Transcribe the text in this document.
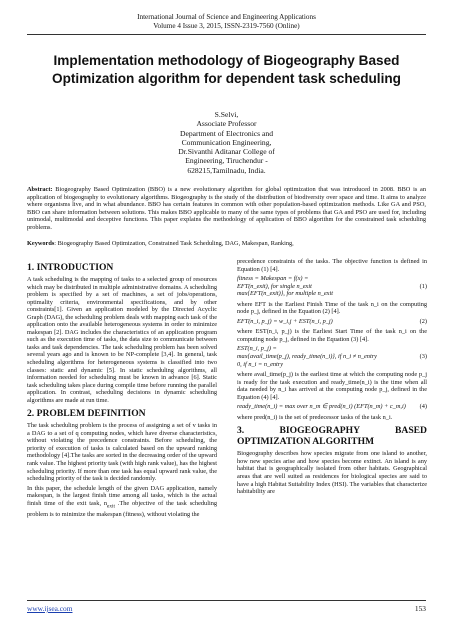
International Journal of Science and Engineering Applications
Volume 4 Issue 3, 2015, ISSN-2319-7560 (Online)
Implementation methodology of Biogeography Based Optimization algorithm for dependent task scheduling
S.Selvi,
Associate Professor
Department of Electronics and
Communication Engineering,
Dr.Sivanthi Aditanar College of
Engineering, Tiruchendur -
628215,Tamilnadu, India.
Abstract: Biogeography Based Optimization (BBO) is a new evolutionary algorithm for global optimization that was introduced in 2008. BBO is an application of biogeography to evolutionary algorithms. Biogeography is the study of the distribution of biodiversity over space and time. It aims to analyze where organisms live, and in what abundance. BBO has certain features in common with other population-based optimization methods. Like GA and PSO, BBO can share information between solutions. This makes BBO applicable to many of the same types of problems that GA and PSO are used for, including unimodal, multimodal and deceptive functions. This paper explains the methodology of application of BBO algorithm for the constrained task scheduling problems.
Keywords: Biogeography Based Optimization, Constrained Task Scheduling, DAG, Makespan, Ranking,
1. INTRODUCTION

A task scheduling is the mapping of tasks to a selected group of resources which may be distributed in multiple administrative domains. A scheduling problem is specified by a set of machines, a set of jobs/operations, optimality criteria, environmental specifications, and by other constraints[1]. Given an application modeled by the Directed Acyclic Graph (DAG), the scheduling problem deals with mapping each task of the application onto the available heterogeneous systems in order to minimize makespan [2]. DAG includes the characteristics of an application program such as the execution time of tasks, the data size to communicate between tasks and task dependencies. The task scheduling problem has been solved several years ago and is known to be NP-complete [3,4]. In general, task scheduling algorithms for heterogeneous systems is classified into two classes: static and dynamic [5]. In static scheduling algorithms, all information needed for scheduling must be known in advance [6]. Static task scheduling takes place during compile time before running the parallel application. In contrast, scheduling decisions in dynamic scheduling algorithms are made at run time.

2. PROBLEM DEFINITION

The task scheduling problem is the process of assigning a set of v tasks in a DAG to a set of q computing nodes, which have diverse characteristics, without violating the precedence constraints. Before scheduling, the priority of execution of tasks is calculated based on the upward ranking methodology [4].The tasks are sorted in the decreasing order of the upward rank value. The highest priority task (with high rank value), has the highest scheduling priority. If more than one task has equal upward rank value, the scheduling priority of the task is decided randomly.

In this paper, the schedule length of the given DAG application, namely makespan, is the largest finish time among all tasks, which is the actual finish time of the exit task, $n_{exit}$ .The objective of the task scheduling problem is to minimize the makespan (fitness), without violating the

precedence constraints of the tasks. The objective function is defined in Equation (1) [4].

fitness = Makespan = f(x) =
EFT(n_exit), for single n_exit
max{EFT(n_exit)}, for multiple n_exit
(1)

where EFT is the Earliest Finish Time of the task n_i on the computing node p_j, defined in the Equation (2) [4].

EFT(n_i, p_j) = w_i,j + EST(n_i, p_j)	(2)

where EST(n_i, p_j) is the Earliest Start Time of the task n_i on the computing node p_j, defined in the Equation (3) [4].

EST(n_i, p_j) =
max{avail_time(p_j), ready_time(n_i)}, if n_i ≠ n_entry
0, if n_i = n_entry
(3)

where avail_time(p_j) is the earliest time at which the computing node p_j is ready for the task execution and ready_time(n_i) is the time when all data needed by n_i has arrived at the computing node p_j, defined in the Equation (4) [4].

ready_time(n_i) = max over n_m ∈ pred(n_i) (EFT(n_m) + c_m,i) (4)

where pred(n_i) is the set of predecessor tasks of the task n_i.

3. BIOGEOGRAPHY BASED OPTIMIZATION ALGORITHM

Biogeography describes how species migrate from one island to another, how new species arise and how species become extinct. An island is any habitat that is geographically isolated from other habitats. Geographical areas that are well suited as residences for biological species are said to have a high Habitat Suitability Index (HSI). The variables that characterize habitability are

www.ijsea.com	153
